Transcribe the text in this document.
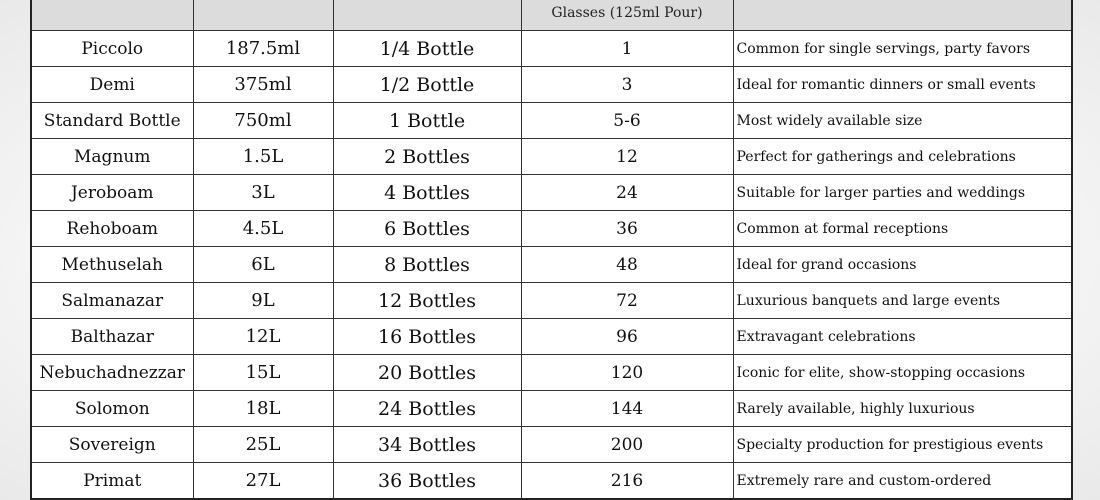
			Glasses (125ml Pour)	
Piccolo	187.5ml	1/4 Bottle	1	Common for single servings, party favors
Demi	375ml	1/2 Bottle	3	Ideal for romantic dinners or small events
Standard Bottle	750ml	1 Bottle	5-6	Most widely available size
Magnum	1.5L	2 Bottles	12	Perfect for gatherings and celebrations
Jeroboam	3L	4 Bottles	24	Suitable for larger parties and weddings
Rehoboam	4.5L	6 Bottles	36	Common at formal receptions
Methuselah	6L	8 Bottles	48	Ideal for grand occasions
Salmanazar	9L	12 Bottles	72	Luxurious banquets and large events
Balthazar	12L	16 Bottles	96	Extravagant celebrations
Nebuchadnezzar	15L	20 Bottles	120	Iconic for elite, show-stopping occasions
Solomon	18L	24 Bottles	144	Rarely available, highly luxurious
Sovereign	25L	34 Bottles	200	Specialty production for prestigious events
Primat	27L	36 Bottles	216	Extremely rare and custom-ordered
